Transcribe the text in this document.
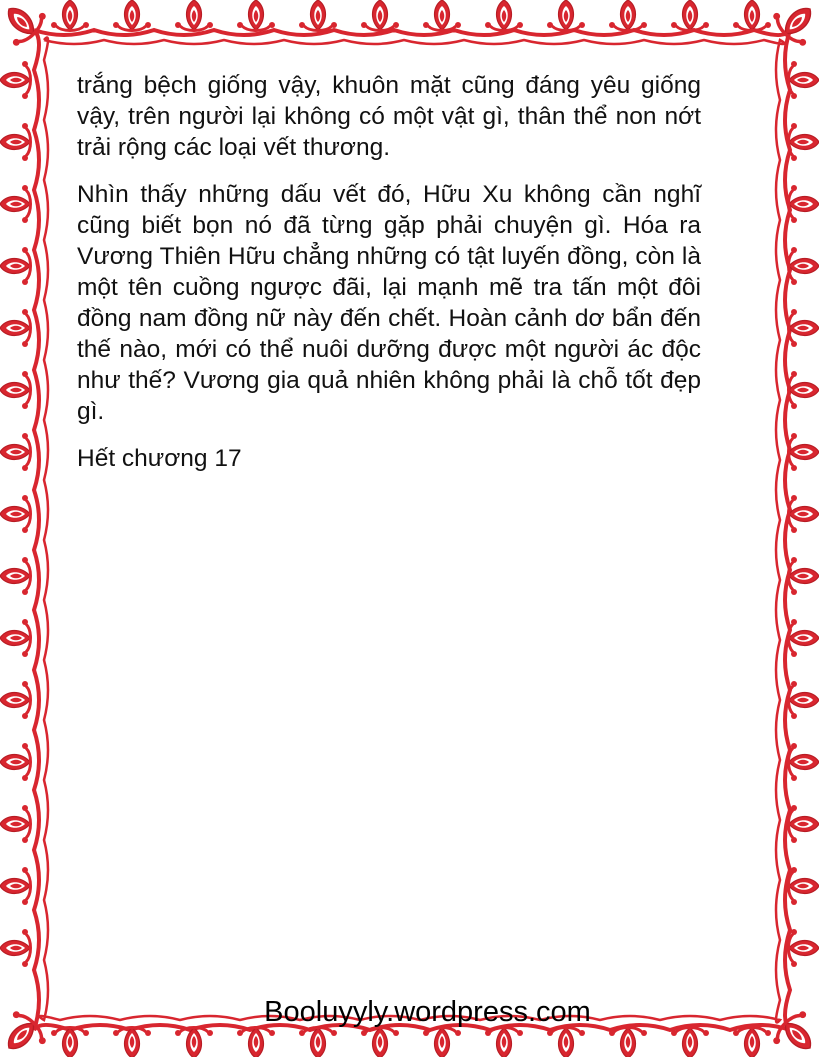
trắng bệch giống vậy, khuôn mặt cũng đáng yêu giống vậy, trên người lại không có một vật gì, thân thể non nớt trải rộng các loại vết thương.

Nhìn thấy những dấu vết đó, Hữu Xu không cần nghĩ cũng biết bọn nó đã từng gặp phải chuyện gì. Hóa ra Vương Thiên Hữu chẳng những có tật luyến đồng, còn là một tên cuồng ngược đãi, lại mạnh mẽ tra tấn một đôi đồng nam đồng nữ này đến chết. Hoàn cảnh dơ bẩn đến thế nào, mới có thể nuôi dưỡng được một người ác độc như thế? Vương gia quả nhiên không phải là chỗ tốt đẹp gì.

Hết chương 17

Booluyyly.wordpress.com
